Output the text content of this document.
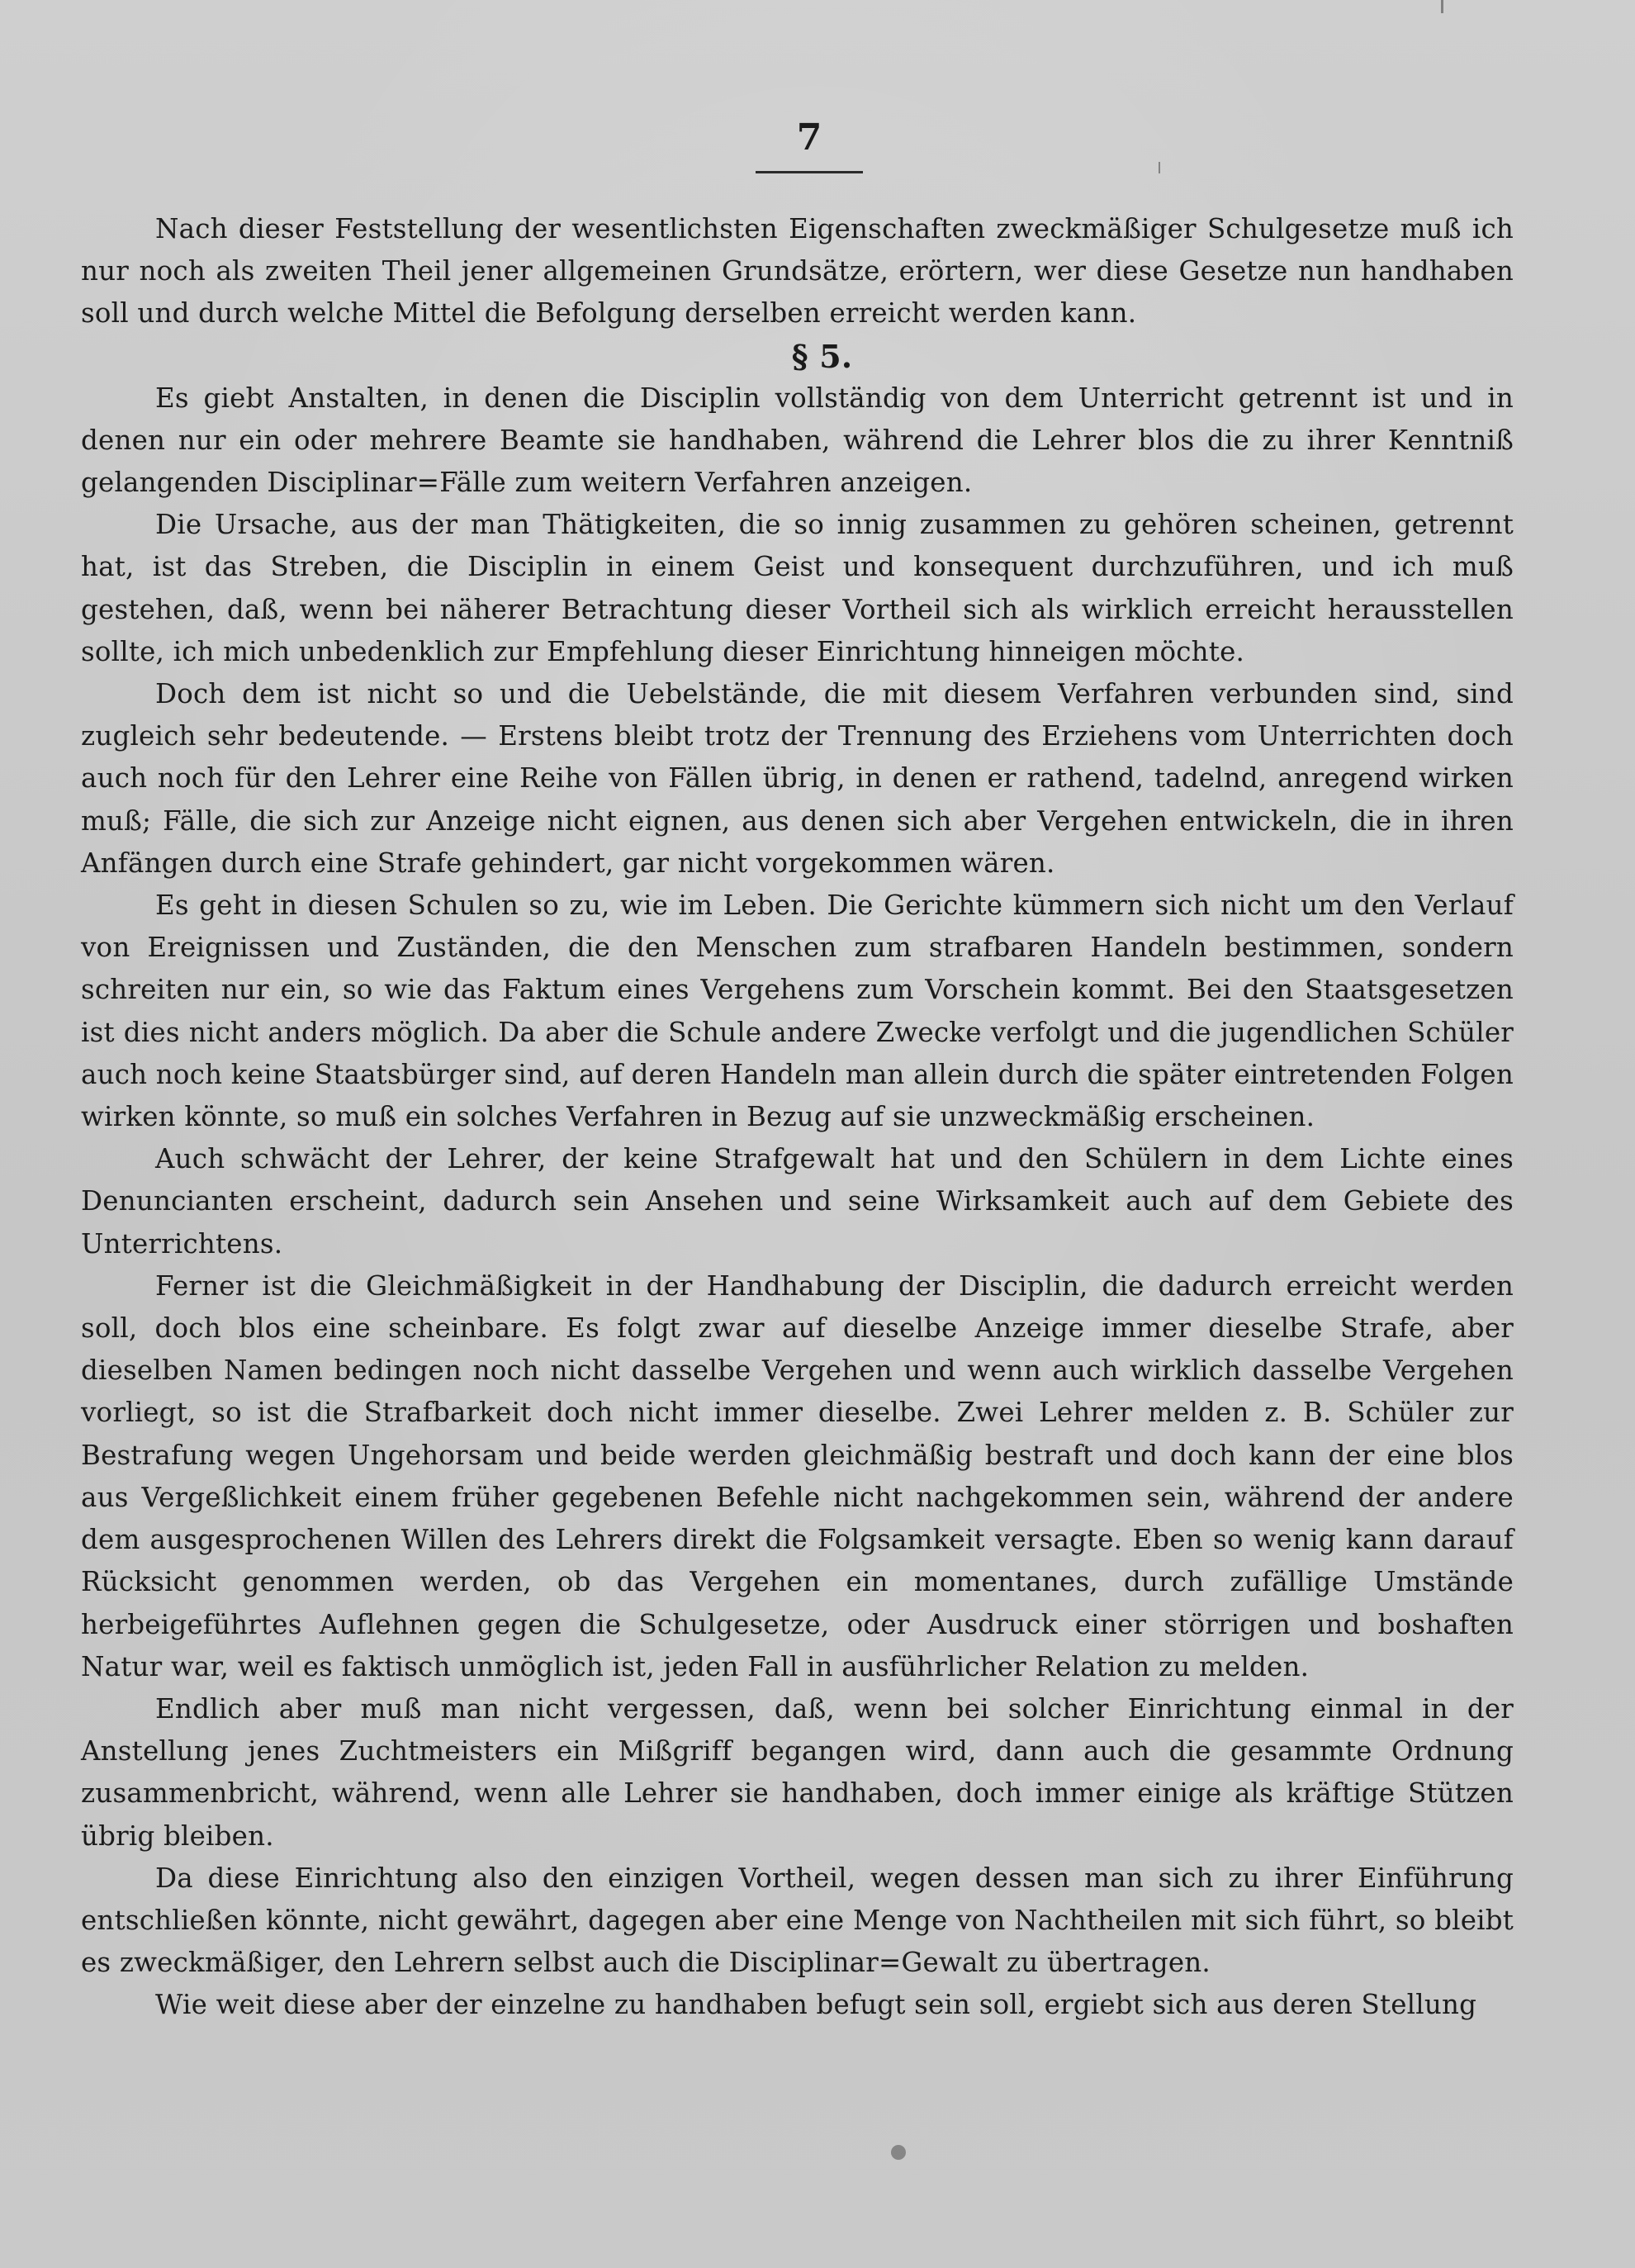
7

Nach dieser Feststellung der wesentlichsten Eigenschaften zweckmäßiger Schulgesetze muß ich nur noch als zweiten Theil jener allgemeinen Grundsätze, erörtern, wer diese Gesetze nun handhaben soll und durch welche Mittel die Befolgung derselben erreicht werden kann.

§ 5.

Es giebt Anstalten, in denen die Disciplin vollständig von dem Unterricht getrennt ist und in denen nur ein oder mehrere Beamte sie handhaben, während die Lehrer blos die zu ihrer Kenntniß gelangenden Disciplinar=Fälle zum weitern Verfahren anzeigen.

Die Ursache, aus der man Thätigkeiten, die so innig zusammen zu gehören scheinen, getrennt hat, ist das Streben, die Disciplin in einem Geist und konsequent durchzuführen, und ich muß gestehen, daß, wenn bei näherer Betrachtung dieser Vortheil sich als wirklich erreicht herausstellen sollte, ich mich unbedenklich zur Empfehlung dieser Einrichtung hinneigen möchte.

Doch dem ist nicht so und die Uebelstände, die mit diesem Verfahren verbunden sind, sind zugleich sehr bedeutende. — Erstens bleibt trotz der Trennung des Erziehens vom Unterrichten doch auch noch für den Lehrer eine Reihe von Fällen übrig, in denen er rathend, tadelnd, anregend wirken muß; Fälle, die sich zur Anzeige nicht eignen, aus denen sich aber Vergehen entwickeln, die in ihren Anfängen durch eine Strafe gehindert, gar nicht vorgekommen wären.

Es geht in diesen Schulen so zu, wie im Leben. Die Gerichte kümmern sich nicht um den Verlauf von Ereignissen und Zuständen, die den Menschen zum strafbaren Handeln bestimmen, sondern schreiten nur ein, so wie das Faktum eines Vergehens zum Vorschein kommt. Bei den Staatsgesetzen ist dies nicht anders möglich. Da aber die Schule andere Zwecke verfolgt und die jugendlichen Schüler auch noch keine Staatsbürger sind, auf deren Handeln man allein durch die später eintretenden Folgen wirken könnte, so muß ein solches Verfahren in Bezug auf sie unzweckmäßig erscheinen.

Auch schwächt der Lehrer, der keine Strafgewalt hat und den Schülern in dem Lichte eines Denuncianten erscheint, dadurch sein Ansehen und seine Wirksamkeit auch auf dem Gebiete des Unterrichtens.

Ferner ist die Gleichmäßigkeit in der Handhabung der Disciplin, die dadurch erreicht werden soll, doch blos eine scheinbare. Es folgt zwar auf dieselbe Anzeige immer dieselbe Strafe, aber dieselben Namen bedingen noch nicht dasselbe Vergehen und wenn auch wirklich dasselbe Vergehen vorliegt, so ist die Strafbarkeit doch nicht immer dieselbe. Zwei Lehrer melden z. B. Schüler zur Bestrafung wegen Ungehorsam und beide werden gleichmäßig bestraft und doch kann der eine blos aus Vergeßlichkeit einem früher gegebenen Befehle nicht nachgekommen sein, während der andere dem ausgesprochenen Willen des Lehrers direkt die Folgsamkeit versagte. Eben so wenig kann darauf Rücksicht genommen werden, ob das Vergehen ein momentanes, durch zufällige Umstände herbeigeführtes Auflehnen gegen die Schulgesetze, oder Ausdruck einer störrigen und boshaften Natur war, weil es faktisch unmöglich ist, jeden Fall in ausführlicher Relation zu melden.

Endlich aber muß man nicht vergessen, daß, wenn bei solcher Einrichtung einmal in der Anstellung jenes Zuchtmeisters ein Mißgriff begangen wird, dann auch die gesammte Ordnung zusammenbricht, während, wenn alle Lehrer sie handhaben, doch immer einige als kräftige Stützen übrig bleiben.

Da diese Einrichtung also den einzigen Vortheil, wegen dessen man sich zu ihrer Einführung entschließen könnte, nicht gewährt, dagegen aber eine Menge von Nachtheilen mit sich führt, so bleibt es zweckmäßiger, den Lehrern selbst auch die Disciplinar=Gewalt zu übertragen.

Wie weit diese aber der einzelne zu handhaben befugt sein soll, ergiebt sich aus deren Stellung
